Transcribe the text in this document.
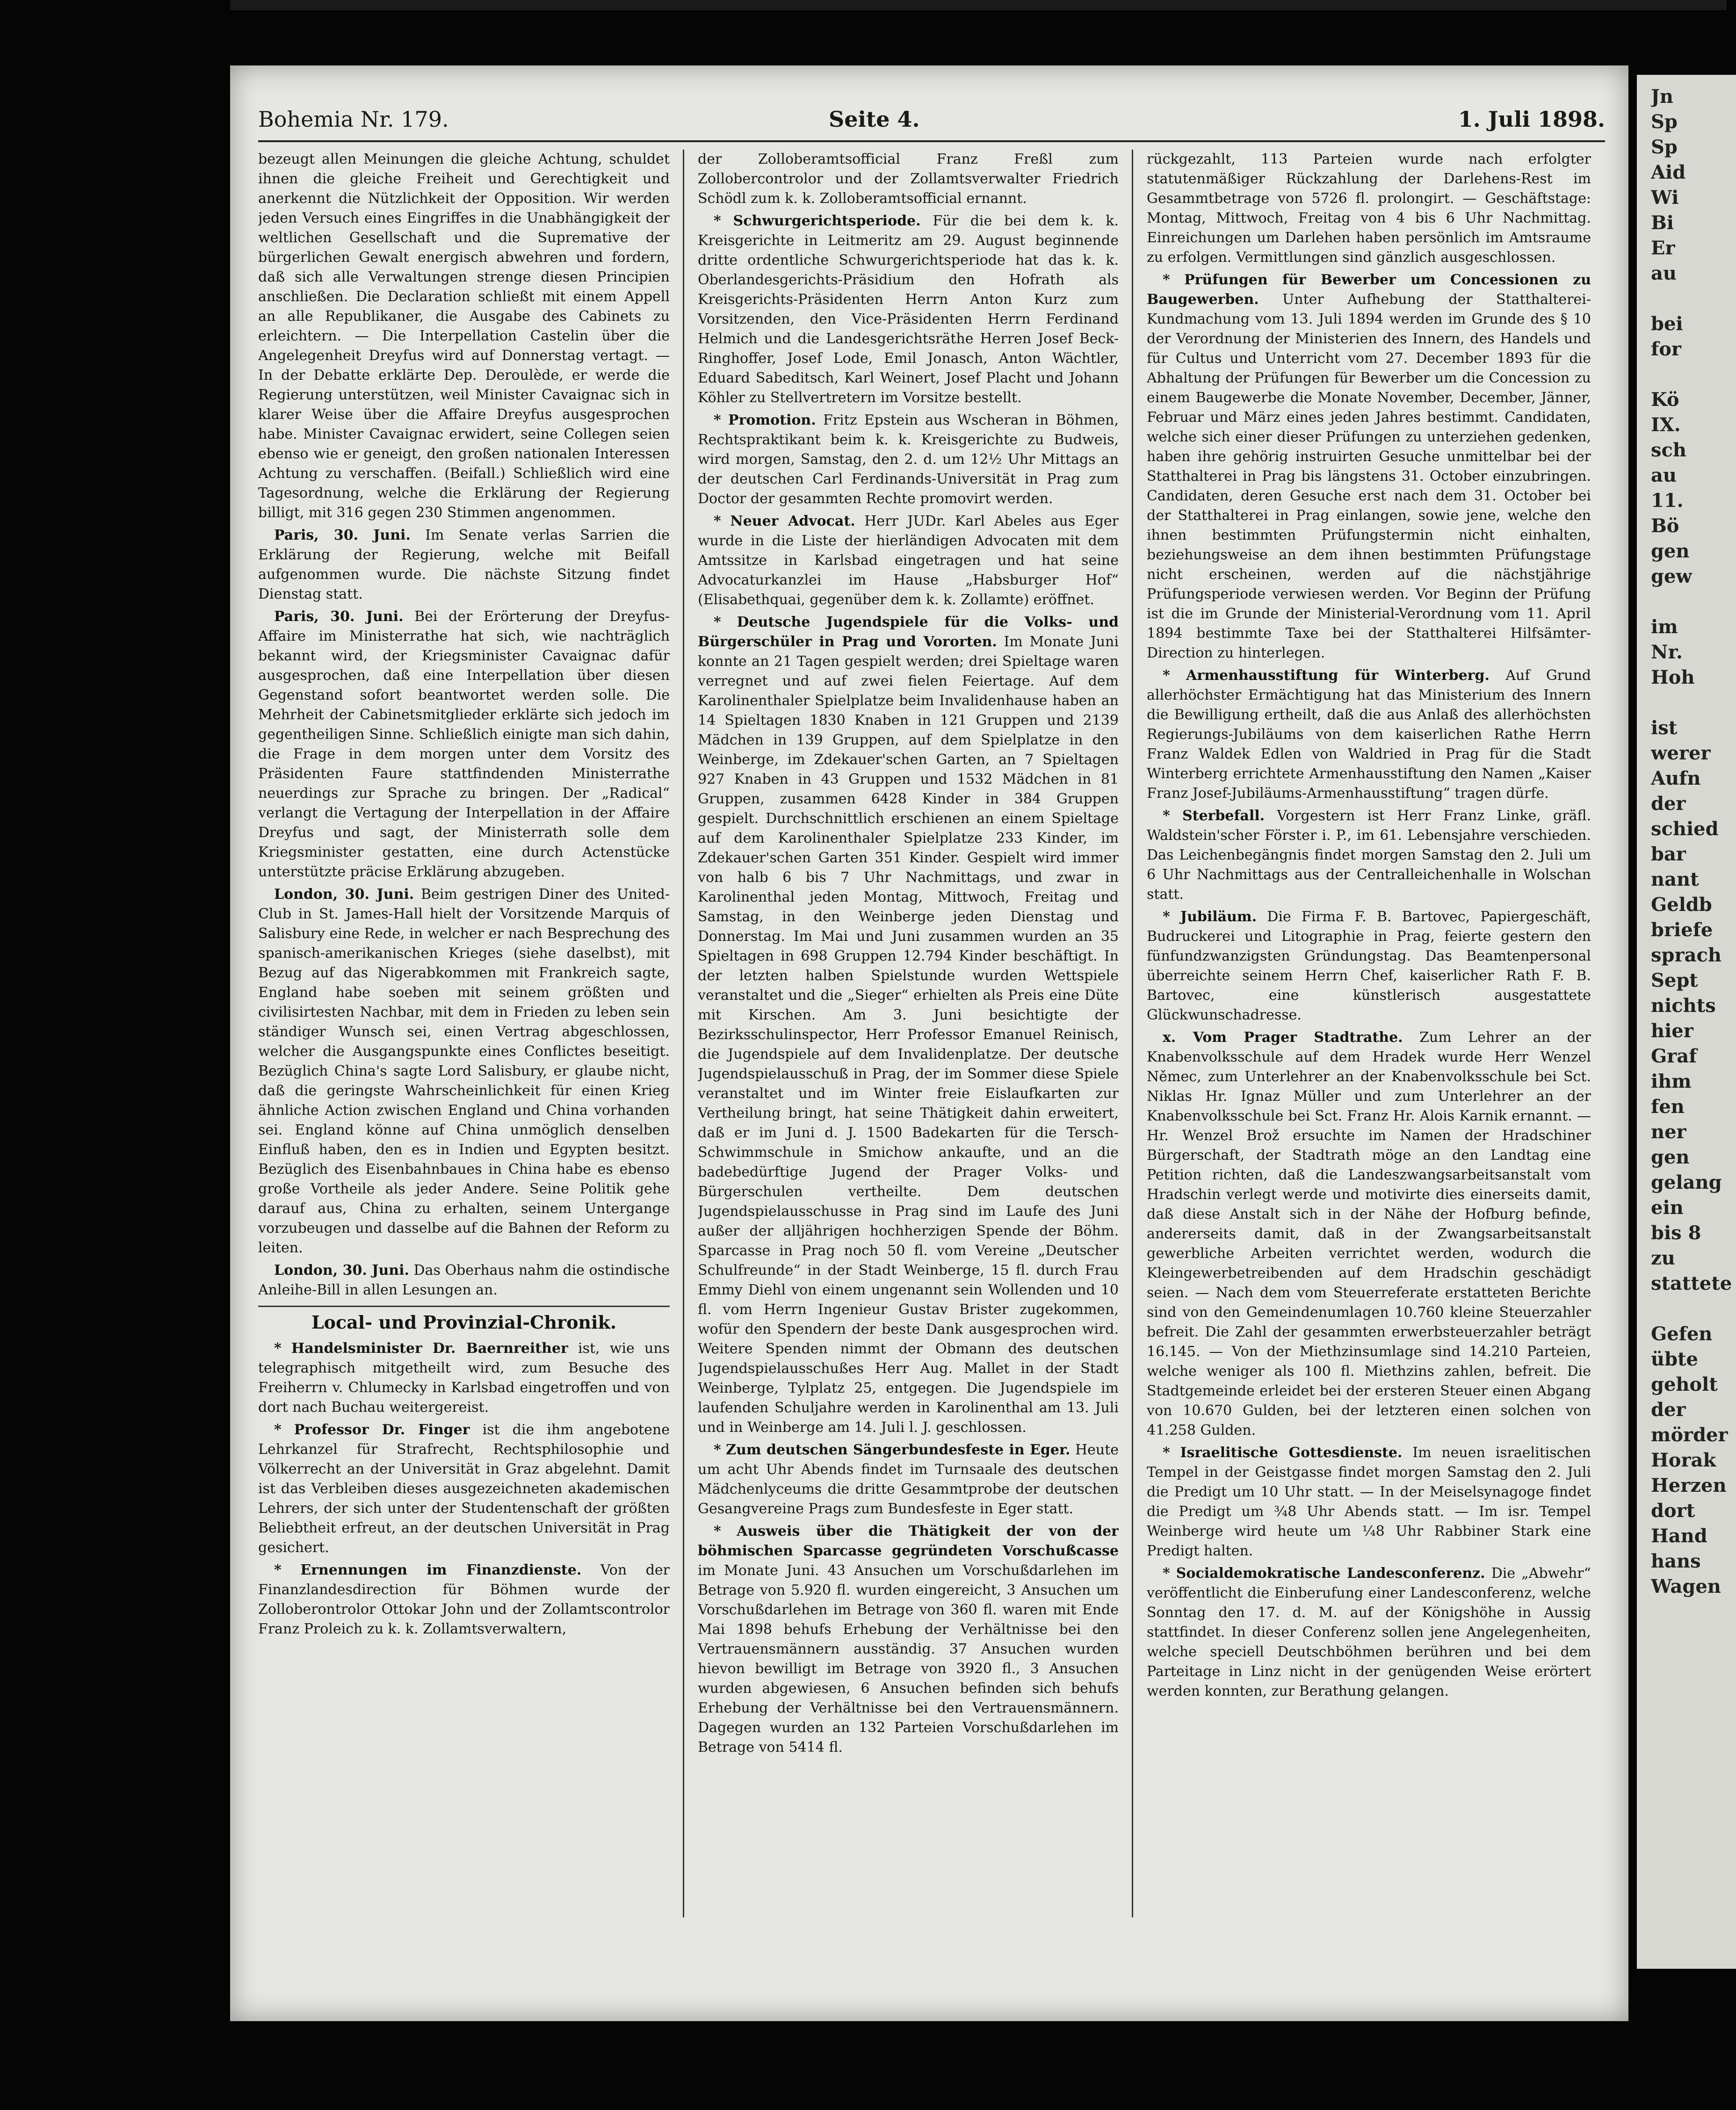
Bohemia Nr. 179.	Seite 4.	1. Juli 1898.

bezeugt allen Meinungen die gleiche Achtung, schuldet ihnen die gleiche Freiheit und Gerechtigkeit und anerkennt die Nützlichkeit der Opposition. Wir werden jeden Versuch eines Eingriffes in die Unabhängigkeit der weltlichen Gesellschaft und die Supremative der bürgerlichen Gewalt energisch abwehren und fordern, daß sich alle Verwaltungen strenge diesen Principien anschließen. Die Declaration schließt mit einem Appell an alle Republikaner, die Ausgabe des Cabinets zu erleichtern. — Die Interpellation Castelin über die Angelegenheit Dreyfus wird auf Donnerstag vertagt. — In der Debatte erklärte Dep. Deroulède, er werde die Regierung unterstützen, weil Minister Cavaignac sich in klarer Weise über die Affaire Dreyfus ausgesprochen habe. Minister Cavaignac erwidert, seine Collegen seien ebenso wie er geneigt, den großen nationalen Interessen Achtung zu verschaffen. (Beifall.) Schließlich wird eine Tagesordnung, welche die Erklärung der Regierung billigt, mit 316 gegen 230 Stimmen angenommen.

Paris, 30. Juni. Im Senate verlas Sarrien die Erklärung der Regierung, welche mit Beifall aufgenommen wurde. Die nächste Sitzung findet Dienstag statt.

Paris, 30. Juni. Bei der Erörterung der Dreyfus-Affaire im Ministerrathe hat sich, wie nachträglich bekannt wird, der Kriegsminister Cavaignac dafür ausgesprochen, daß eine Interpellation über diesen Gegenstand sofort beantwortet werden solle. Die Mehrheit der Cabinetsmitglieder erklärte sich jedoch im gegentheiligen Sinne. Schließlich einigte man sich dahin, die Frage in dem morgen unter dem Vorsitz des Präsidenten Faure stattfindenden Ministerrathe neuerdings zur Sprache zu bringen. Der „Radical“ verlangt die Vertagung der Interpellation in der Affaire Dreyfus und sagt, der Ministerrath solle dem Kriegsminister gestatten, eine durch Actenstücke unterstützte präcise Erklärung abzugeben.

London, 30. Juni. Beim gestrigen Diner des United-Club in St. James-Hall hielt der Vorsitzende Marquis of Salisbury eine Rede, in welcher er nach Besprechung des spanisch-amerikanischen Krieges (siehe daselbst), mit Bezug auf das Nigerabkommen mit Frankreich sagte, England habe soeben mit seinem größten und civilisirtesten Nachbar, mit dem in Frieden zu leben sein ständiger Wunsch sei, einen Vertrag abgeschlossen, welcher die Ausgangspunkte eines Conflictes beseitigt. Bezüglich China's sagte Lord Salisbury, er glaube nicht, daß die geringste Wahrscheinlichkeit für einen Krieg ähnliche Action zwischen England und China vorhanden sei. England könne auf China unmöglich denselben Einfluß haben, den es in Indien und Egypten besitzt. Bezüglich des Eisenbahnbaues in China habe es ebenso große Vortheile als jeder Andere. Seine Politik gehe darauf aus, China zu erhalten, seinem Untergange vorzubeugen und dasselbe auf die Bahnen der Reform zu leiten.

London, 30. Juni. Das Oberhaus nahm die ostindische Anleihe-Bill in allen Lesungen an.

Local- und Provinzial-Chronik.

* Handelsminister Dr. Baernreither ist, wie uns telegraphisch mitgetheilt wird, zum Besuche des Freiherrn v. Chlumecky in Karlsbad eingetroffen und von dort nach Buchau weitergereist.

* Professor Dr. Finger ist die ihm angebotene Lehrkanzel für Strafrecht, Rechtsphilosophie und Völkerrecht an der Universität in Graz abgelehnt. Damit ist das Verbleiben dieses ausgezeichneten akademischen Lehrers, der sich unter der Studentenschaft der größten Beliebtheit erfreut, an der deutschen Universität in Prag gesichert.

* Ernennungen im Finanzdienste. Von der Finanzlandesdirection für Böhmen wurde der Zolloberontrolor Ottokar John und der Zollamtscontrolor Franz Proleich zu k. k. Zollamtsverwaltern,

der Zolloberamtsofficial Franz Freßl zum Zollobercontrolor und der Zollamtsverwalter Friedrich Schödl zum k. k. Zolloberamtsofficial ernannt.

* Schwurgerichtsperiode. Für die bei dem k. k. Kreisgerichte in Leitmeritz am 29. August beginnende dritte ordentliche Schwurgerichtsperiode hat das k. k. Oberlandesgerichts-Präsidium den Hofrath als Kreisgerichts-Präsidenten Herrn Anton Kurz zum Vorsitzenden, den Vice-Präsidenten Herrn Ferdinand Helmich und die Landesgerichtsräthe Herren Josef Beck-Ringhoffer, Josef Lode, Emil Jonasch, Anton Wächtler, Eduard Sabeditsch, Karl Weinert, Josef Placht und Johann Köhler zu Stellvertretern im Vorsitze bestellt.

* Promotion. Fritz Epstein aus Wscheran in Böhmen, Rechtspraktikant beim k. k. Kreisgerichte zu Budweis, wird morgen, Samstag, den 2. d. um 12½ Uhr Mittags an der deutschen Carl Ferdinands-Universität in Prag zum Doctor der gesammten Rechte promovirt werden.

* Neuer Advocat. Herr JUDr. Karl Abeles aus Eger wurde in die Liste der hierländigen Advocaten mit dem Amtssitze in Karlsbad eingetragen und hat seine Advocaturkanzlei im Hause „Habsburger Hof“ (Elisabethquai, gegenüber dem k. k. Zollamte) eröffnet.

* Deutsche Jugendspiele für die Volks- und Bürgerschüler in Prag und Vororten. Im Monate Juni konnte an 21 Tagen gespielt werden; drei Spieltage waren verregnet und auf zwei fielen Feiertage. Auf dem Karolinenthaler Spielplatze beim Invalidenhause haben an 14 Spieltagen 1830 Knaben in 121 Gruppen und 2139 Mädchen in 139 Gruppen, auf dem Spielplatze in den Weinberge, im Zdekauer'schen Garten, an 7 Spieltagen 927 Knaben in 43 Gruppen und 1532 Mädchen in 81 Gruppen, zusammen 6428 Kinder in 384 Gruppen gespielt. Durchschnittlich erschienen an einem Spieltage auf dem Karolinenthaler Spielplatze 233 Kinder, im Zdekauer'schen Garten 351 Kinder. Gespielt wird immer von halb 6 bis 7 Uhr Nachmittags, und zwar in Karolinenthal jeden Montag, Mittwoch, Freitag und Samstag, in den Weinberge jeden Dienstag und Donnerstag. Im Mai und Juni zusammen wurden an 35 Spieltagen in 698 Gruppen 12.794 Kinder beschäftigt. In der letzten halben Spielstunde wurden Wettspiele veranstaltet und die „Sieger“ erhielten als Preis eine Düte mit Kirschen. Am 3. Juni besichtigte der Bezirksschulinspector, Herr Professor Emanuel Reinisch, die Jugendspiele auf dem Invalidenplatze. Der deutsche Jugendspielausschuß in Prag, der im Sommer diese Spiele veranstaltet und im Winter freie Eislaufkarten zur Vertheilung bringt, hat seine Thätigkeit dahin erweitert, daß er im Juni d. J. 1500 Badekarten für die Tersch-Schwimmschule in Smichow ankaufte, und an die badebedürftige Jugend der Prager Volks- und Bürgerschulen vertheilte. Dem deutschen Jugendspielausschusse in Prag sind im Laufe des Juni außer der alljährigen hochherzigen Spende der Böhm. Sparcasse in Prag noch 50 fl. vom Vereine „Deutscher Schulfreunde“ in der Stadt Weinberge, 15 fl. durch Frau Emmy Diehl von einem ungenannt sein Wollenden und 10 fl. vom Herrn Ingenieur Gustav Brister zugekommen, wofür den Spendern der beste Dank ausgesprochen wird. Weitere Spenden nimmt der Obmann des deutschen Jugendspielausschußes Herr Aug. Mallet in der Stadt Weinberge, Tylplatz 25, entgegen. Die Jugendspiele im laufenden Schuljahre werden in Karolinenthal am 13. Juli und in Weinberge am 14. Juli l. J. geschlossen.

* Zum deutschen Sängerbundesfeste in Eger. Heute um acht Uhr Abends findet im Turnsaale des deutschen Mädchenlyceums die dritte Gesammtprobe der deutschen Gesangvereine Prags zum Bundesfeste in Eger statt.

* Ausweis über die Thätigkeit der von der böhmischen Sparcasse gegründeten Vorschußcasse im Monate Juni. 43 Ansuchen um Vorschußdarlehen im Betrage von 5.920 fl. wurden eingereicht, 3 Ansuchen um Vorschußdarlehen im Betrage von 360 fl. waren mit Ende Mai 1898 behufs Erhebung der Verhältnisse bei den Vertrauensmännern ausständig. 37 Ansuchen wurden hievon bewilligt im Betrage von 3920 fl., 3 Ansuchen wurden abgewiesen, 6 Ansuchen befinden sich behufs Erhebung der Verhältnisse bei den Vertrauensmännern. Dagegen wurden an 132 Parteien Vorschußdarlehen im Betrage von 5414 fl.

rückgezahlt, 113 Parteien wurde nach erfolgter statutenmäßiger Rückzahlung der Darlehens-Rest im Gesammtbetrage von 5726 fl. prolongirt. — Geschäftstage: Montag, Mittwoch, Freitag von 4 bis 6 Uhr Nachmittag. Einreichungen um Darlehen haben persönlich im Amtsraume zu erfolgen. Vermittlungen sind gänzlich ausgeschlossen.

* Prüfungen für Bewerber um Concessionen zu Baugewerben. Unter Aufhebung der Statthalterei-Kundmachung vom 13. Juli 1894 werden im Grunde des § 10 der Verordnung der Ministerien des Innern, des Handels und für Cultus und Unterricht vom 27. December 1893 für die Abhaltung der Prüfungen für Bewerber um die Concession zu einem Baugewerbe die Monate November, December, Jänner, Februar und März eines jeden Jahres bestimmt. Candidaten, welche sich einer dieser Prüfungen zu unterziehen gedenken, haben ihre gehörig instruirten Gesuche unmittelbar bei der Statthalterei in Prag bis längstens 31. October einzubringen. Candidaten, deren Gesuche erst nach dem 31. October bei der Statthalterei in Prag einlangen, sowie jene, welche den ihnen bestimmten Prüfungstermin nicht einhalten, beziehungsweise an dem ihnen bestimmten Prüfungstage nicht erscheinen, werden auf die nächstjährige Prüfungsperiode verwiesen werden. Vor Beginn der Prüfung ist die im Grunde der Ministerial-Verordnung vom 11. April 1894 bestimmte Taxe bei der Statthalterei Hilfsämter-Direction zu hinterlegen.

* Armenhausstiftung für Winterberg. Auf Grund allerhöchster Ermächtigung hat das Ministerium des Innern die Bewilligung ertheilt, daß die aus Anlaß des allerhöchsten Regierungs-Jubiläums von dem kaiserlichen Rathe Herrn Franz Waldek Edlen von Waldried in Prag für die Stadt Winterberg errichtete Armenhausstiftung den Namen „Kaiser Franz Josef-Jubiläums-Armenhausstiftung“ tragen dürfe.

* Sterbefall. Vorgestern ist Herr Franz Linke, gräfl. Waldstein'scher Förster i. P., im 61. Lebensjahre verschieden. Das Leichenbegängnis findet morgen Samstag den 2. Juli um 6 Uhr Nachmittags aus der Centralleichenhalle in Wolschan statt.

* Jubiläum. Die Firma F. B. Bartovec, Papiergeschäft, Budruckerei und Litographie in Prag, feierte gestern den fünfundzwanzigsten Gründungstag. Das Beamtenpersonal überreichte seinem Herrn Chef, kaiserlicher Rath F. B. Bartovec, eine künstlerisch ausgestattete Glückwunschadresse.

x. Vom Prager Stadtrathe. Zum Lehrer an der Knabenvolksschule auf dem Hradek wurde Herr Wenzel Němec, zum Unterlehrer an der Knabenvolksschule bei Sct. Niklas Hr. Ignaz Müller und zum Unterlehrer an der Knabenvolksschule bei Sct. Franz Hr. Alois Karnik ernannt. — Hr. Wenzel Brož ersuchte im Namen der Hradschiner Bürgerschaft, der Stadtrath möge an den Landtag eine Petition richten, daß die Landeszwangsarbeitsanstalt vom Hradschin verlegt werde und motivirte dies einerseits damit, daß diese Anstalt sich in der Nähe der Hofburg befinde, andererseits damit, daß in der Zwangsarbeitsanstalt gewerbliche Arbeiten verrichtet werden, wodurch die Kleingewerbetreibenden auf dem Hradschin geschädigt seien. — Nach dem vom Steuerreferate erstatteten Berichte sind von den Gemeindenumlagen 10.760 kleine Steuerzahler befreit. Die Zahl der gesammten erwerbsteuerzahler beträgt 16.145. — Von der Miethzinsumlage sind 14.210 Parteien, welche weniger als 100 fl. Miethzins zahlen, befreit. Die Stadtgemeinde erleidet bei der ersteren Steuer einen Abgang von 10.670 Gulden, bei der letzteren einen solchen von 41.258 Gulden.

* Israelitische Gottesdienste. Im neuen israelitischen Tempel in der Geistgasse findet morgen Samstag den 2. Juli die Predigt um 10 Uhr statt. — In der Meiselsynagoge findet die Predigt um ¾8 Uhr Abends statt. — Im isr. Tempel Weinberge wird heute um ¼8 Uhr Rabbiner Stark eine Predigt halten.

* Socialdemokratische Landesconferenz. Die „Abwehr“ veröffentlicht die Einberufung einer Landesconferenz, welche Sonntag den 17. d. M. auf der Königshöhe in Aussig stattfindet. In dieser Conferenz sollen jene Angelegenheiten, welche speciell Deutschböhmen berühren und bei dem Parteitage in Linz nicht in der genügenden Weise erörtert werden konnten, zur Berathung gelangen.

Jn
Sp
Sp
Aid
Wi
Bi
Er
au
bei
for
Kö
IX.
sch
au
11.
Bö
gen
gew
im
Nr.
Hoh
ist
werer
Aufn
der
schied
bar
nant
Geldb
briefe
sprach
Sept
nichts
hier
Graf
ihm
fen
ner
gen
gelang
ein
bis 8
zu
stattete
Gefen
übte
geholt
der
mörder
Horak
Herzen
dort
Hand
hans
Wagen
